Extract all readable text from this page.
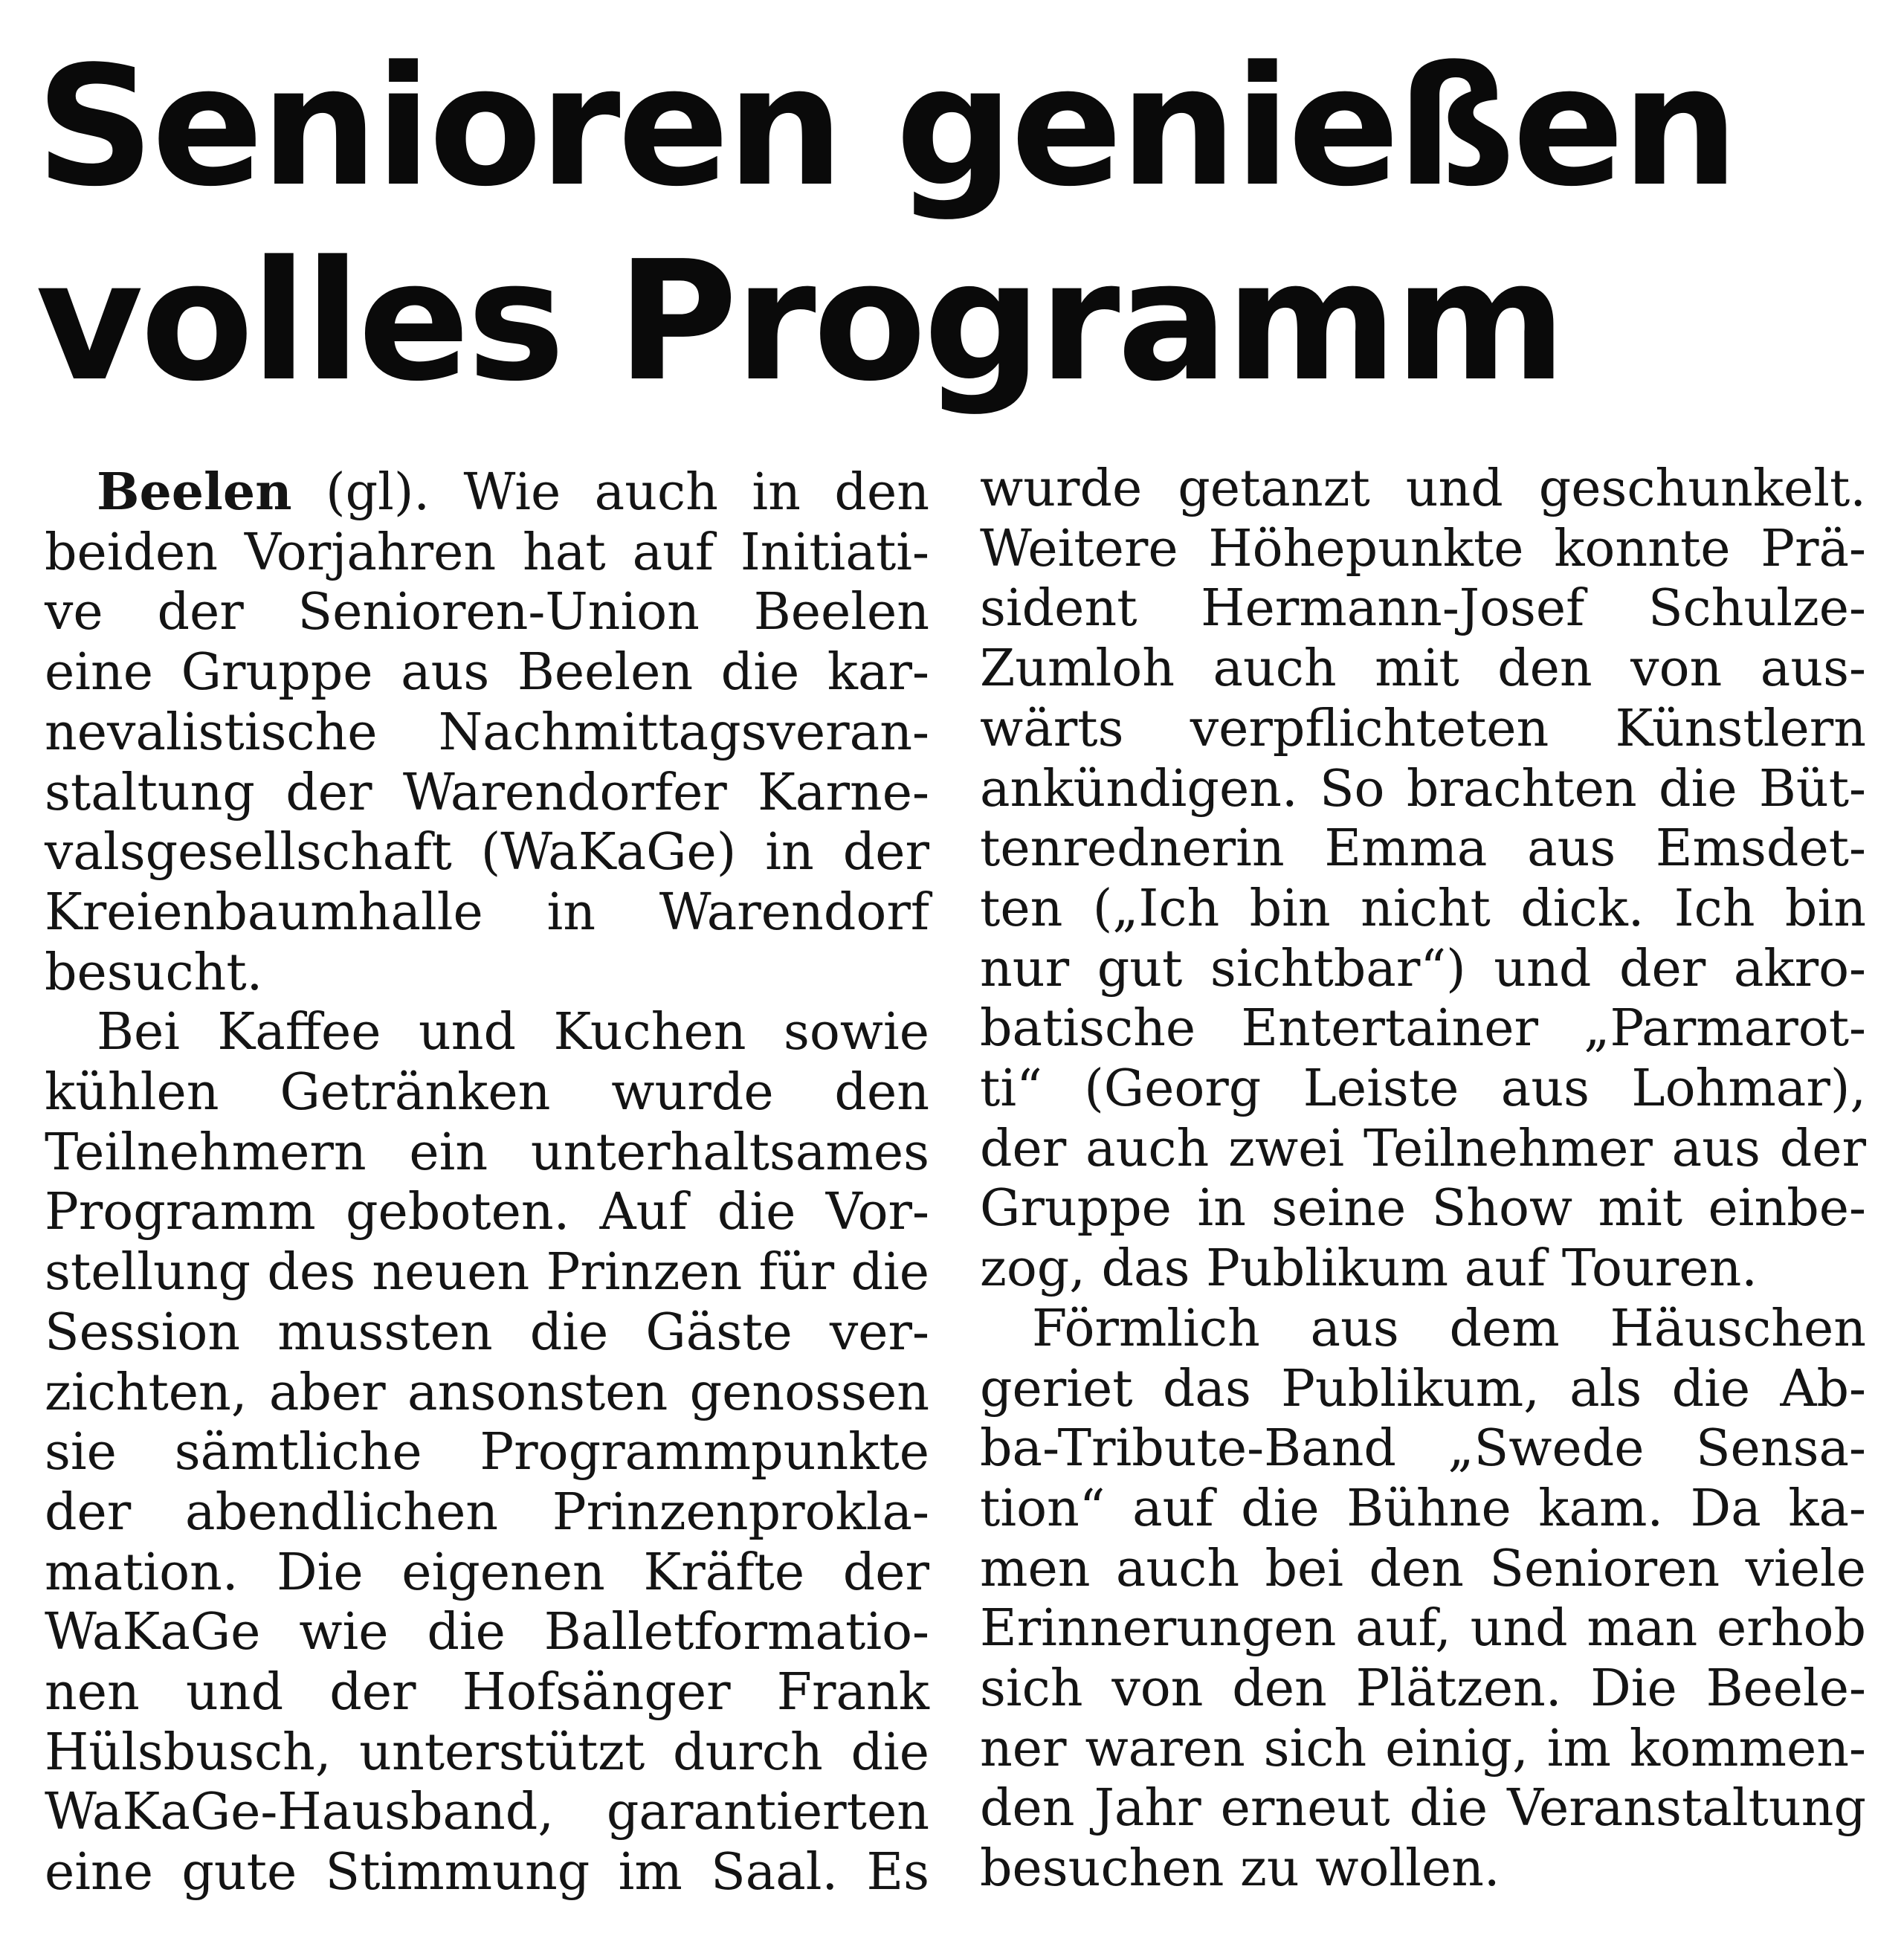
Senioren genießen
volles Programm
Beelen (gl). Wie auch in den
beiden Vorjahren hat auf Initiati-
ve der Senioren-Union Beelen
eine Gruppe aus Beelen die kar-
nevalistische Nachmittagsveran-
staltung der Warendorfer Karne-
valsgesellschaft (WaKaGe) in der
Kreienbaumhalle in Warendorf
besucht.
Bei Kaffee und Kuchen sowie
kühlen Getränken wurde den
Teilnehmern ein unterhaltsames
Programm geboten. Auf die Vor-
stellung des neuen Prinzen für die
Session mussten die Gäste ver-
zichten, aber ansonsten genossen
sie sämtliche Programmpunkte
der abendlichen Prinzenprokla-
mation. Die eigenen Kräfte der
WaKaGe wie die Balletformatio-
nen und der Hofsänger Frank
Hülsbusch, unterstützt durch die
WaKaGe-Hausband, garantierten
eine gute Stimmung im Saal. Es
wurde getanzt und geschunkelt.
Weitere Höhepunkte konnte Prä-
sident Hermann-Josef Schulze-
Zumloh auch mit den von aus-
wärts verpflichteten Künstlern
ankündigen. So brachten die Büt-
tenrednerin Emma aus Emsdet-
ten („Ich bin nicht dick. Ich bin
nur gut sichtbar“) und der akro-
batische Entertainer „Parmarot-
ti“ (Georg Leiste aus Lohmar),
der auch zwei Teilnehmer aus der
Gruppe in seine Show mit einbe-
zog, das Publikum auf Touren.
Förmlich aus dem Häuschen
geriet das Publikum, als die Ab-
ba-Tribute-Band „Swede Sensa-
tion“ auf die Bühne kam. Da ka-
men auch bei den Senioren viele
Erinnerungen auf, und man erhob
sich von den Plätzen. Die Beele-
ner waren sich einig, im kommen-
den Jahr erneut die Veranstaltung
besuchen zu wollen.
